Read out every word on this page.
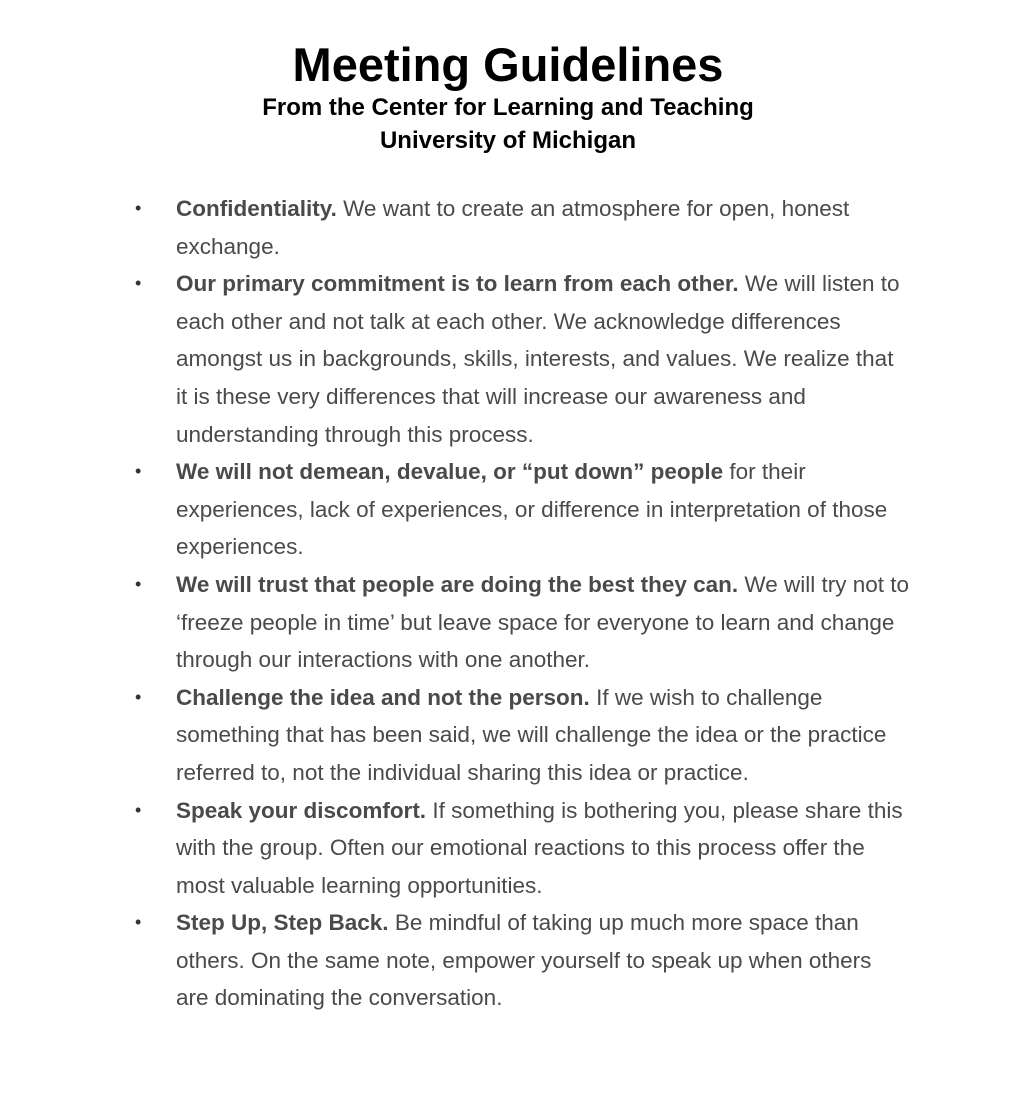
Meeting Guidelines
From the Center for Learning and Teaching
University of Michigan
• Confidentiality. We want to create an atmosphere for open, honest exchange.
• Our primary commitment is to learn from each other. We will listen to each other and not talk at each other. We acknowledge differences amongst us in backgrounds, skills, interests, and values. We realize that it is these very differences that will increase our awareness and understanding through this process.
• We will not demean, devalue, or “put down” people for their experiences, lack of experiences, or difference in interpretation of those experiences.
• We will trust that people are doing the best they can. We will try not to ‘freeze people in time’ but leave space for everyone to learn and change through our interactions with one another.
• Challenge the idea and not the person. If we wish to challenge something that has been said, we will challenge the idea or the practice referred to, not the individual sharing this idea or practice.
• Speak your discomfort. If something is bothering you, please share this with the group. Often our emotional reactions to this process offer the most valuable learning opportunities.
• Step Up, Step Back. Be mindful of taking up much more space than others. On the same note, empower yourself to speak up when others are dominating the conversation.
